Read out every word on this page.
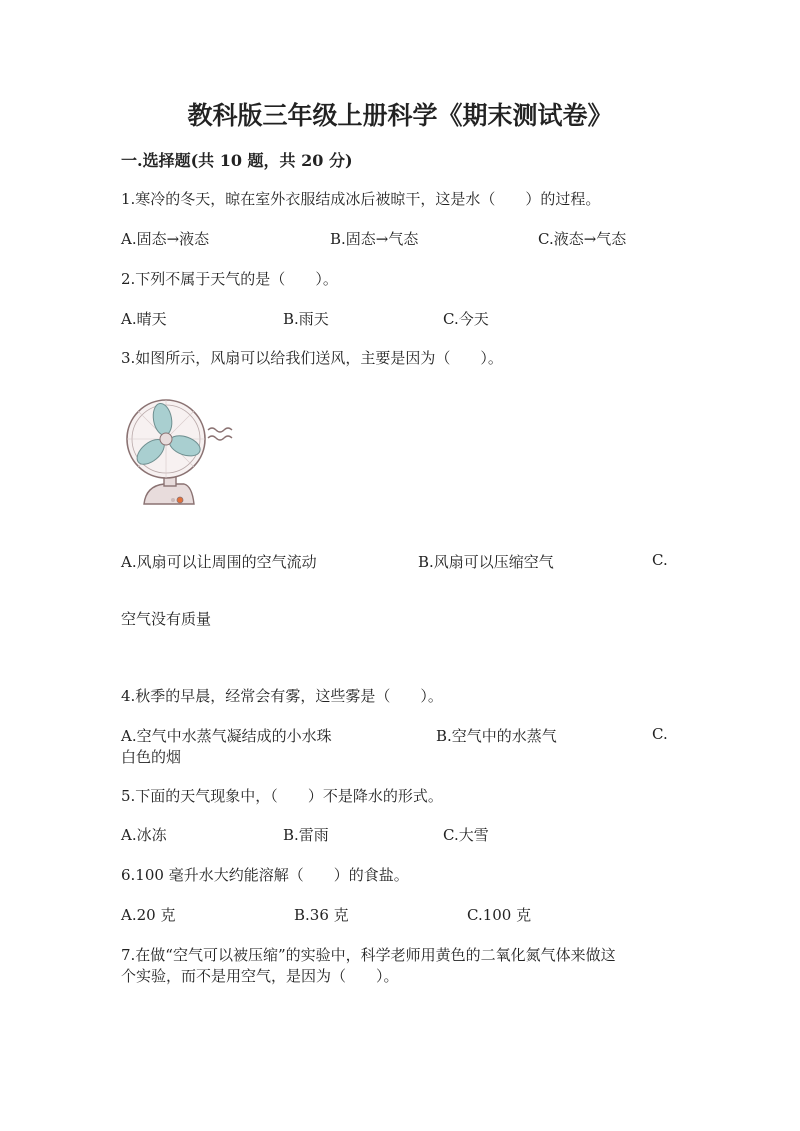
教科版三年级上册科学《期末测试卷》
一.选择题(共 10 题，共 20 分)
1.寒冷的冬天，晾在室外衣服结成冰后被晾干，这是水（　　）的过程。
A.固态→液态	B.固态→气态	C.液态→气态
2.下列不属于天气的是（　　）。
A.晴天	B.雨天	C.今天
3.如图所示，风扇可以给我们送风，主要是因为（　　）。
A.风扇可以让周围的空气流动	B.风扇可以压缩空气	C.
空气没有质量
4.秋季的早晨，经常会有雾，这些雾是（　　）。
A.空气中水蒸气凝结成的小水珠	B.空气中的水蒸气	C.
白色的烟
5.下面的天气现象中，（　　）不是降水的形式。
A.冰冻	B.雷雨	C.大雪
6.100 毫升水大约能溶解（　　）的食盐。
A.20 克	B.36 克	C.100 克
7.在做“空气可以被压缩”的实验中，科学老师用黄色的二氧化氮气体来做这
个实验，而不是用空气，是因为（　　）。
